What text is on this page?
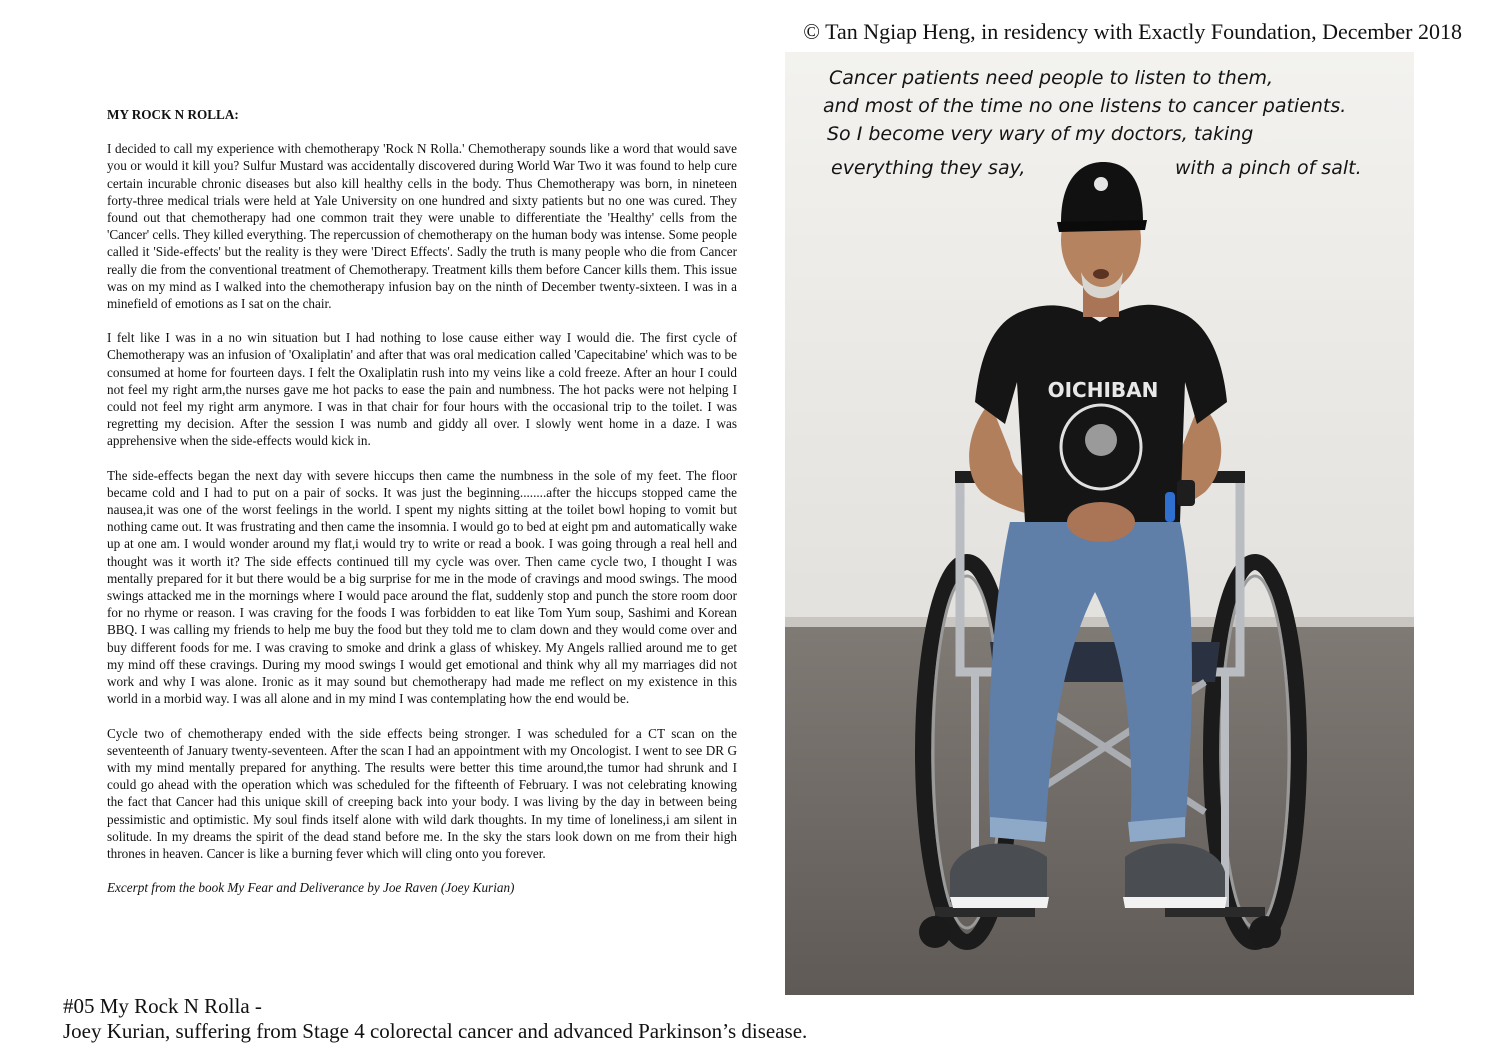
© Tan Ngiap Heng, in residency with Exactly Foundation, December 2018
MY ROCK N ROLLA:

I decided to call my experience with chemotherapy 'Rock N Rolla.' Chemotherapy sounds like a word that would save you or would it kill you? Sulfur Mustard was accidentally discovered during World War Two it was found to help cure certain incurable chronic diseases but also kill healthy cells in the body. Thus Chemotherapy was born, in nineteen forty-three medical trials were held at Yale University on one hundred and sixty patients but no one was cured. They found out that chemotherapy had one common trait they were unable to differentiate the 'Healthy' cells from the 'Cancer' cells. They killed everything. The repercussion of chemotherapy on the human body was intense. Some people called it 'Side-effects' but the reality is they were 'Direct Effects'. Sadly the truth is many people who die from Cancer really die from the conventional treatment of Chemotherapy. Treatment kills them before Cancer kills them. This issue was on my mind as I walked into the chemotherapy infusion bay on the ninth of December twenty-sixteen. I was in a minefield of emotions as I sat on the chair.

I felt like I was in a no win situation but I had nothing to lose cause either way I would die. The first cycle of Chemotherapy was an infusion of 'Oxaliplatin' and after that was oral medication called 'Capecitabine' which was to be consumed at home for fourteen days. I felt the Oxaliplatin rush into my veins like a cold freeze. After an hour I could not feel my right arm,the nurses gave me hot packs to ease the pain and numbness. The hot packs were not helping I could not feel my right arm anymore. I was in that chair for four hours with the occasional trip to the toilet. I was regretting my decision. After the session I was numb and giddy all over. I slowly went home in a daze. I was apprehensive when the side-effects would kick in.

The side-effects began the next day with severe hiccups then came the numbness in the sole of my feet. The floor became cold and I had to put on a pair of socks. It was just the beginning........after the hiccups stopped came the nausea,it was one of the worst feelings in the world. I spent my nights sitting at the toilet bowl hoping to vomit but nothing came out. It was frustrating and then came the insomnia. I would go to bed at eight pm and automatically wake up at one am. I would wonder around my flat,i would try to write or read a book. I was going through a real hell and thought was it worth it? The side effects continued till my cycle was over. Then came cycle two, I thought I was mentally prepared for it but there would be a big surprise for me in the mode of cravings and mood swings. The mood swings attacked me in the mornings where I would pace around the flat, suddenly stop and punch the store room door for no rhyme or reason. I was craving for the foods I was forbidden to eat like Tom Yum soup, Sashimi and Korean BBQ. I was calling my friends to help me buy the food but they told me to clam down and they would come over and buy different foods for me. I was craving to smoke and drink a glass of whiskey. My Angels rallied around me to get my mind off these cravings. During my mood swings I would get emotional and think why all my marriages did not work and why I was alone. Ironic as it may sound but chemotherapy had made me reflect on my existence in this world in a morbid way. I was all alone and in my mind I was contemplating how the end would be.

Cycle two of chemotherapy ended with the side effects being stronger. I was scheduled for a CT scan on the seventeenth of January twenty-seventeen. After the scan I had an appointment with my Oncologist. I went to see DR G with my mind mentally prepared for anything. The results were better this time around,the tumor had shrunk and I could go ahead with the operation which was scheduled for the fifteenth of February. I was not celebrating knowing the fact that Cancer had this unique skill of creeping back into your body. I was living by the day in between being pessimistic and optimistic. My soul finds itself alone with wild dark thoughts. In my time of loneliness,i am silent in solitude. In my dreams the spirit of the dead stand before me. In the sky the stars look down on me from their high thrones in heaven. Cancer is like a burning fever which will cling onto you forever.

Excerpt from the book My Fear and Deliverance by Joe Raven (Joey Kurian)

Cancer patients need people to listen to them,
and most of the time no one listens to cancer patients.
So I become very wary of my doctors, taking
everything they say,	with a pinch of salt.
OICHIBAN
#05 My Rock N Rolla -
Joey Kurian, suffering from Stage 4 colorectal cancer and advanced Parkinson’s disease.
